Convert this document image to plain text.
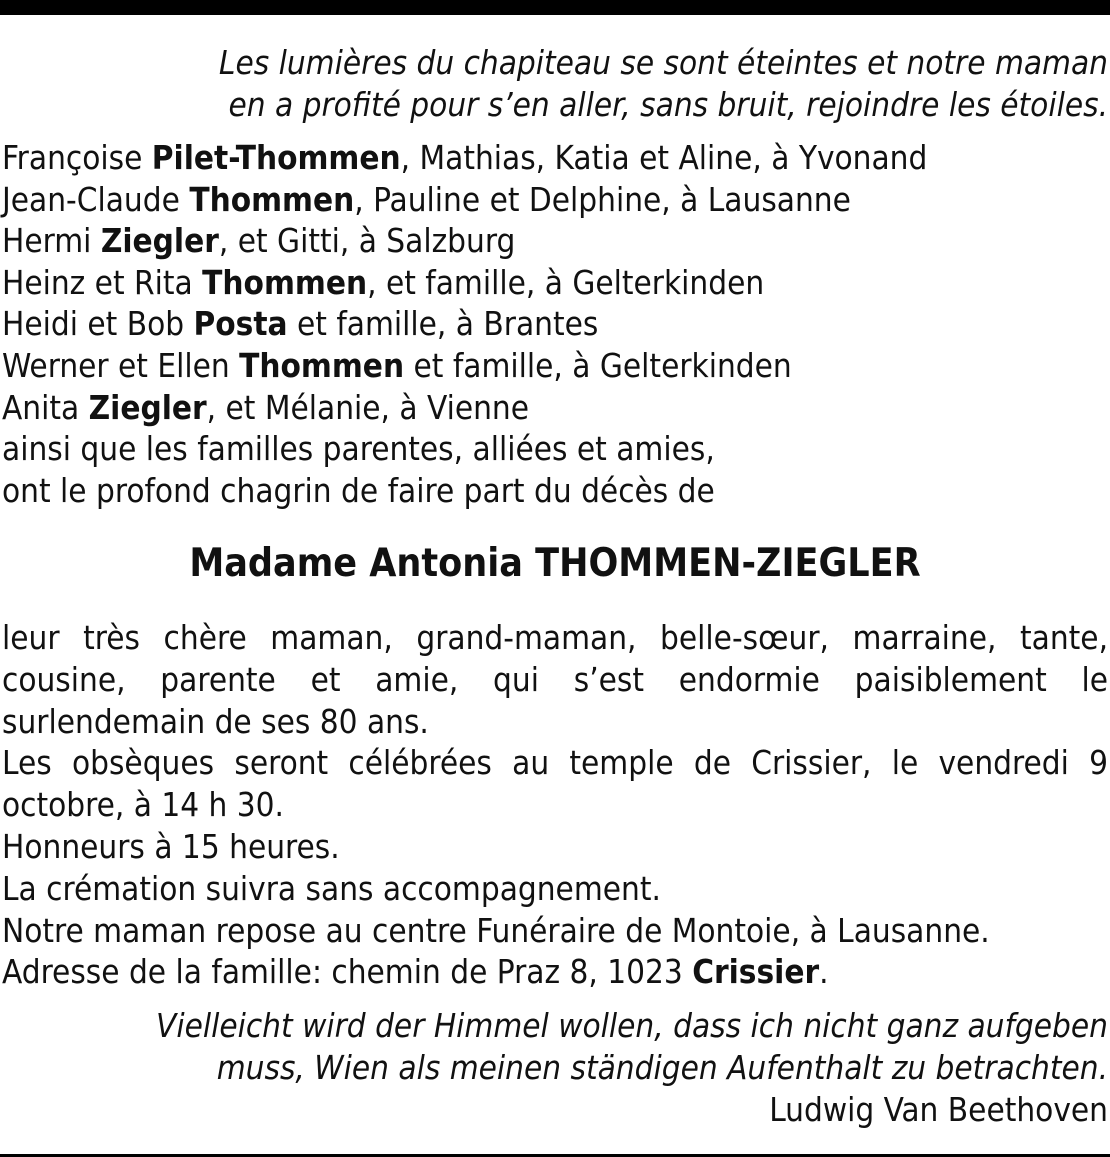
Les lumières du chapiteau se sont éteintes et notre maman
en a profité pour s’en aller, sans bruit, rejoindre les étoiles.
Françoise Pilet-Thommen, Mathias, Katia et Aline, à Yvonand
Jean-Claude Thommen, Pauline et Delphine, à Lausanne
Hermi Ziegler, et Gitti, à Salzburg
Heinz et Rita Thommen, et famille, à Gelterkinden
Heidi et Bob Posta et famille, à Brantes
Werner et Ellen Thommen et famille, à Gelterkinden
Anita Ziegler, et Mélanie, à Vienne
ainsi que les familles parentes, alliées et amies,
ont le profond chagrin de faire part du décès de
Madame Antonia THOMMEN-ZIEGLER

leur très chère maman, grand-maman, belle-sœur, marraine, tante, cousine, parente et amie, qui s’est endormie paisiblement le surlendemain de ses 80 ans.

Les obsèques seront célébrées au temple de Crissier, le vendredi 9 octobre, à 14 h 30.

Honneurs à 15 heures.

La crémation suivra sans accompagnement.

Notre maman repose au centre Funéraire de Montoie, à Lausanne.

Adresse de la famille: chemin de Praz 8, 1023 Crissier.

Vielleicht wird der Himmel wollen, dass ich nicht ganz aufgeben
muss, Wien als meinen ständigen Aufenthalt zu betrachten.
Ludwig Van Beethoven
